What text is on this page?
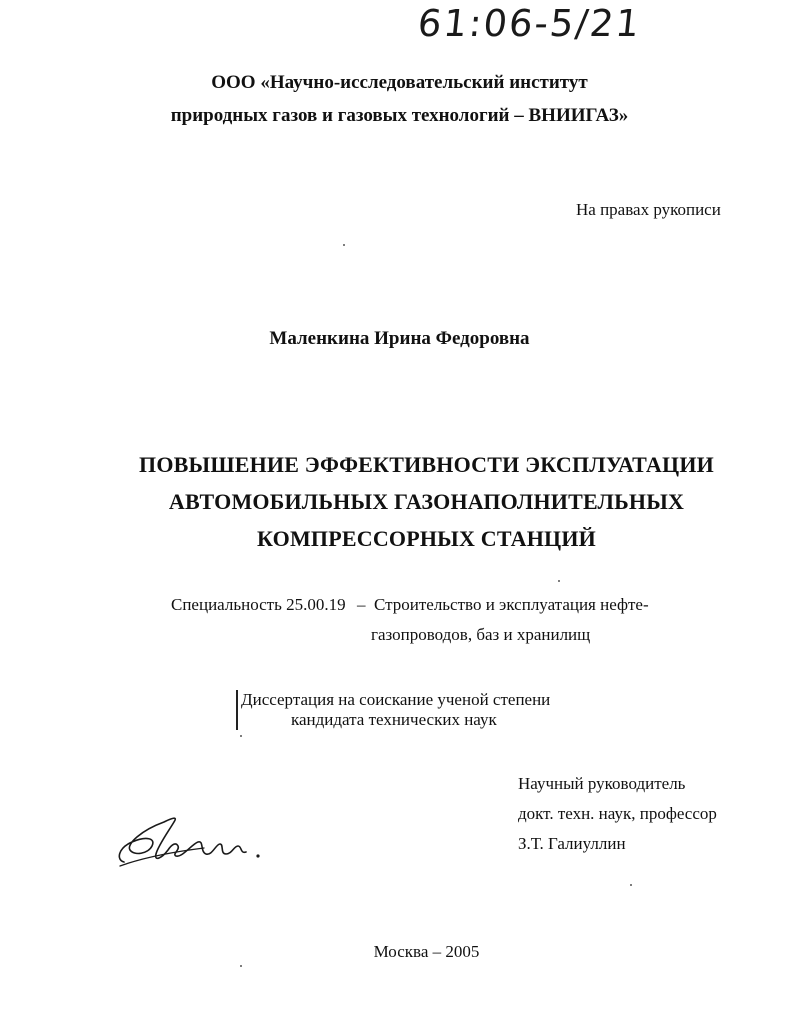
61:06-5/21
ООО «Научно-исследовательский институт
природных газов и газовых технологий – ВНИИГАЗ»
На правах рукописи
Маленкина Ирина Федоровна
ПОВЫШЕНИЕ ЭФФЕКТИВНОСТИ ЭКСПЛУАТАЦИИ
АВТОМОБИЛЬНЫХ ГАЗОНАПОЛНИТЕЛЬНЫХ
КОМПРЕССОРНЫХ СТАНЦИЙ
Специальность 25.00.19 – Строительство и эксплуатация нефте-
газопроводов, баз и хранилищ
Диссертация на соискание ученой степени
кандидата технических наук
Научный руководитель
докт. техн. наук, профессор
З.Т. Галиуллин
Москва – 2005
